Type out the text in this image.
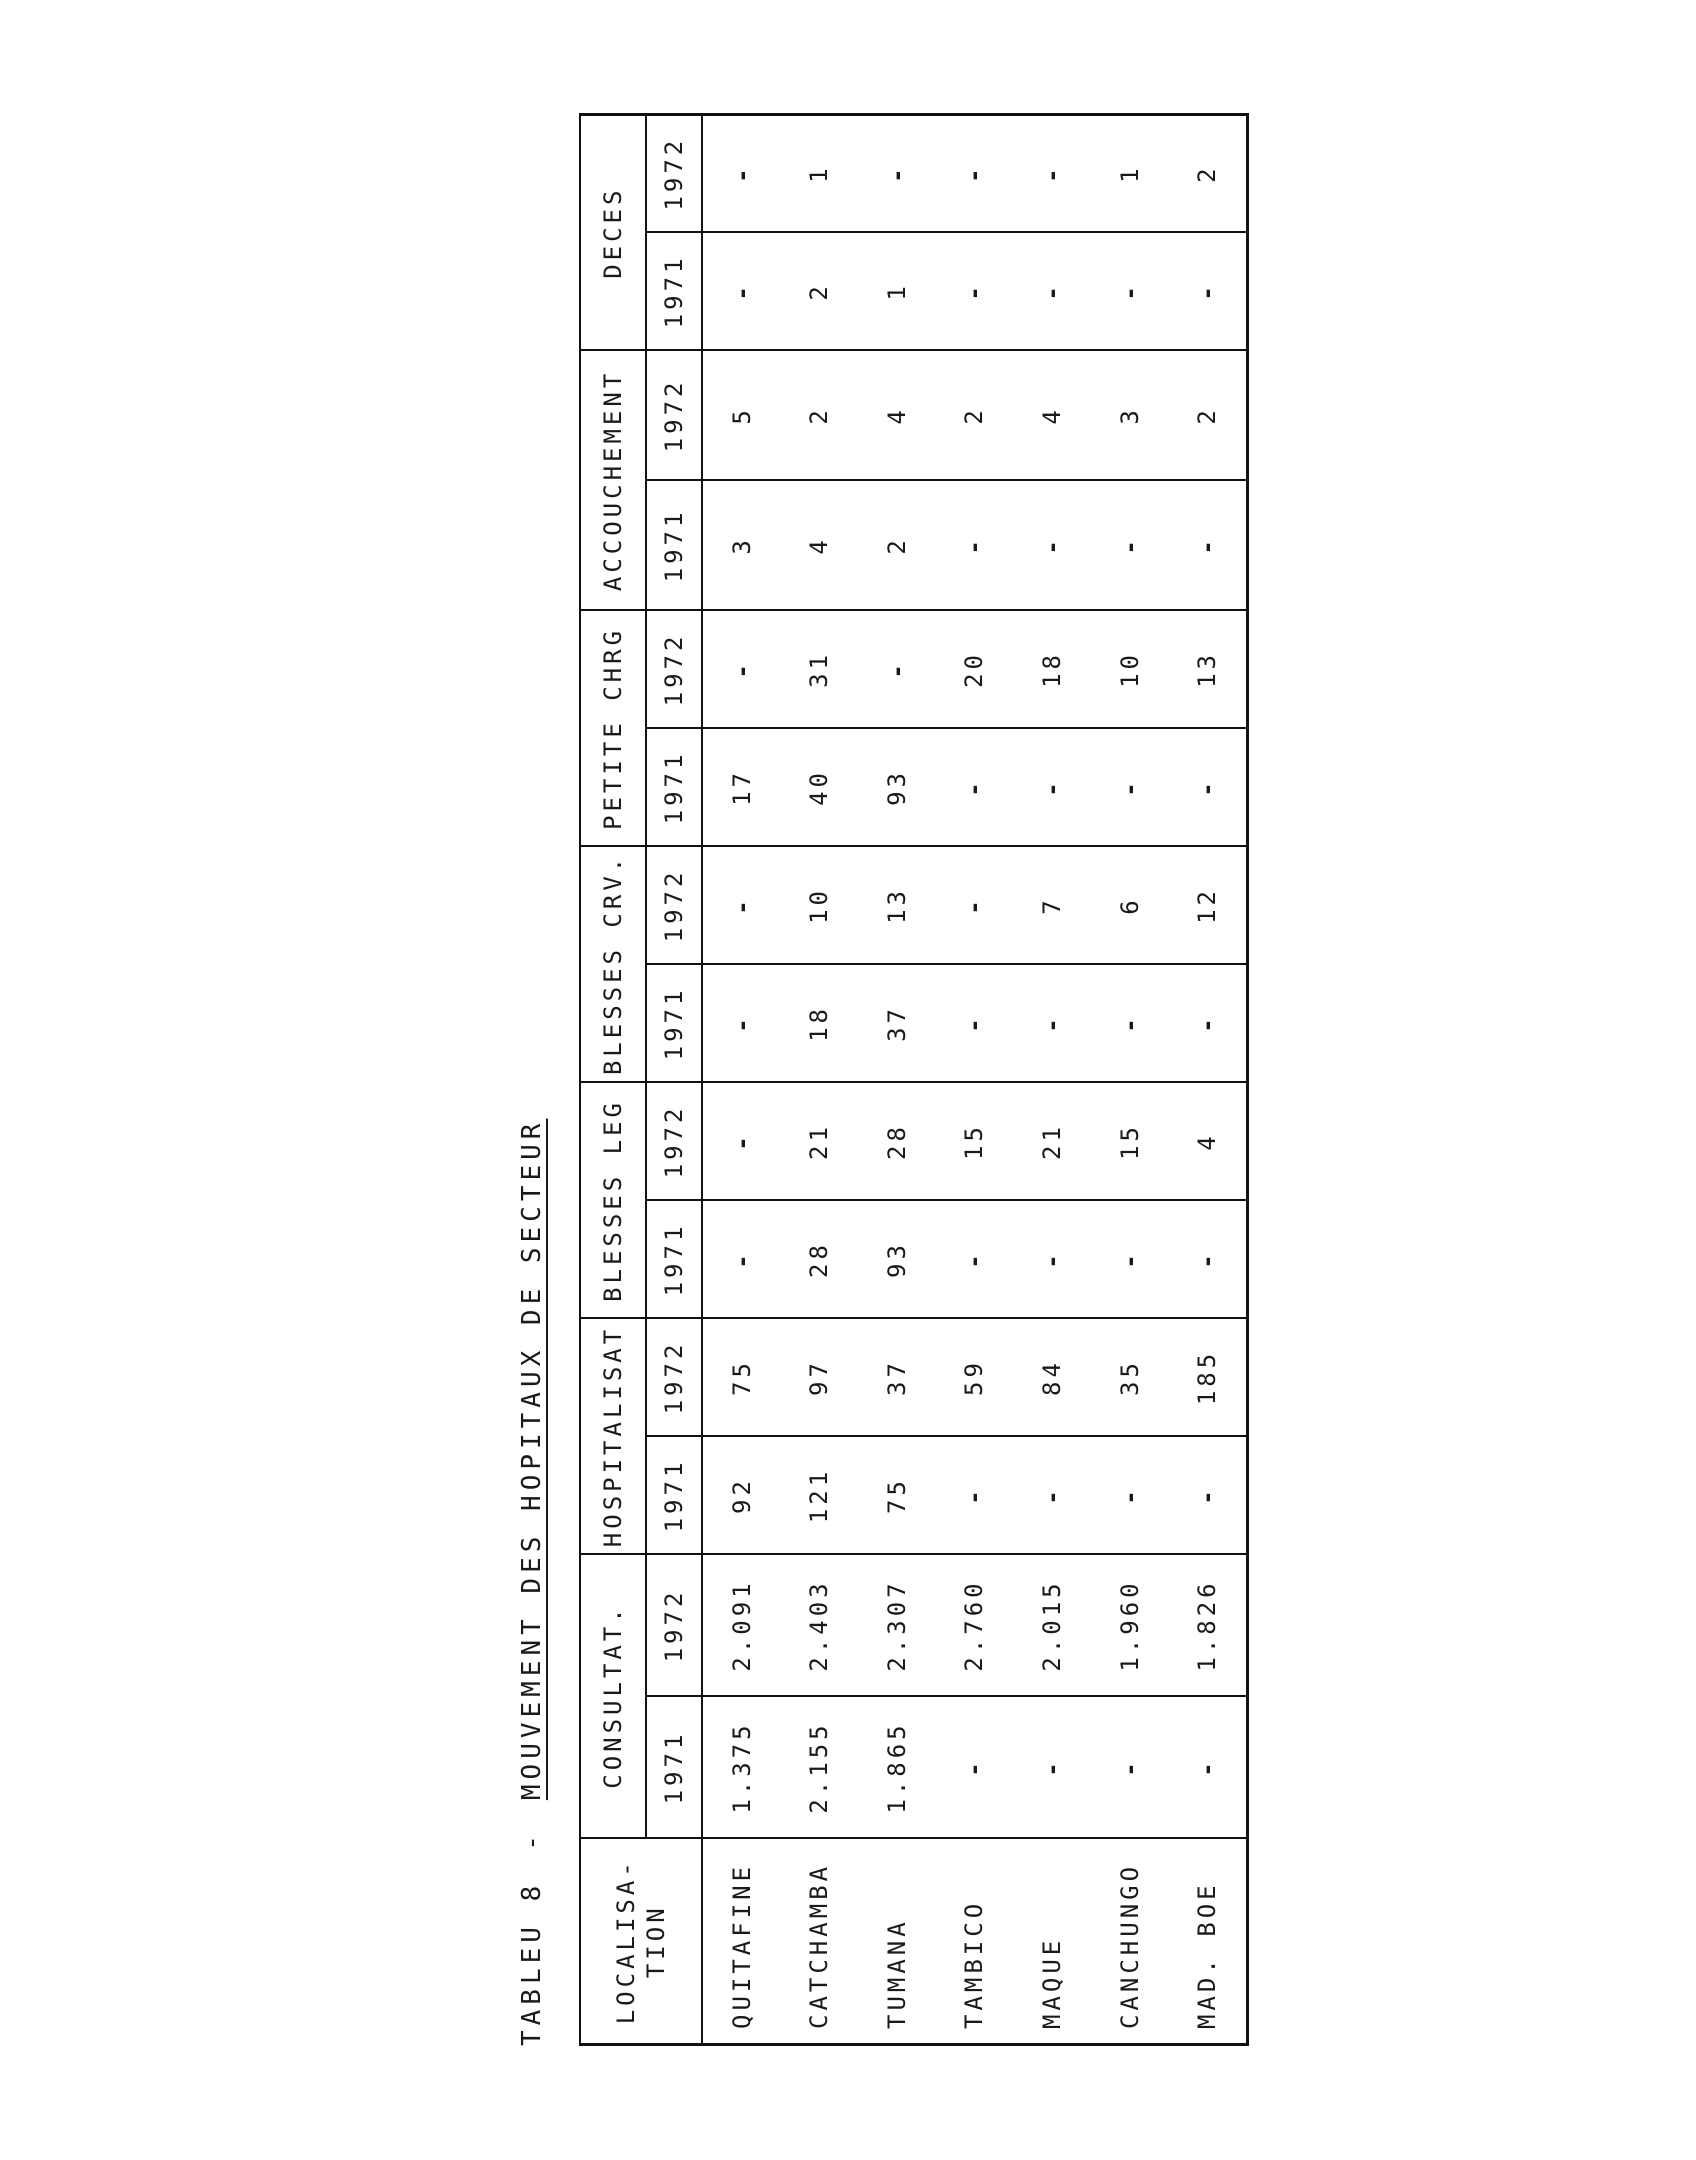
TABLEU 8
-
MOUVEMENT DES HOPITAUX DE SECTEUR
LOCALISA-
TION	CONSULTAT.		HOSPITALISAT		BLESSES LEG		BLESSES CRV.		PETITE CHRG		ACCOUCHEMENT		DECES	
	1971	1972	1971	1972	1971	1972	1971	1972	1971	1972	1971	1972	1971	1972
QUITAFINE	1.375	2.091	92	75	-	-	-	-	17	-	3	5	-	-
CATCHAMBA	2.155	2.403	121	97	28	21	18	10	40	31	4	2	2	1
TUMANA	1.865	2.307	75	37	93	28	37	13	93	-	2	4	1	-
TAMBICO	-	2.760	-	59	-	15	-	-	-	20	-	2	-	-
MAQUE	-	2.015	-	84	-	21	-	7	-	18	-	4	-	-
CANCHUNGO	-	1.960	-	35	-	15	-	6	-	10	-	3	-	1
MAD. BOE	-	1.826	-	185	-	4	-	12	-	13	-	2	-	2
